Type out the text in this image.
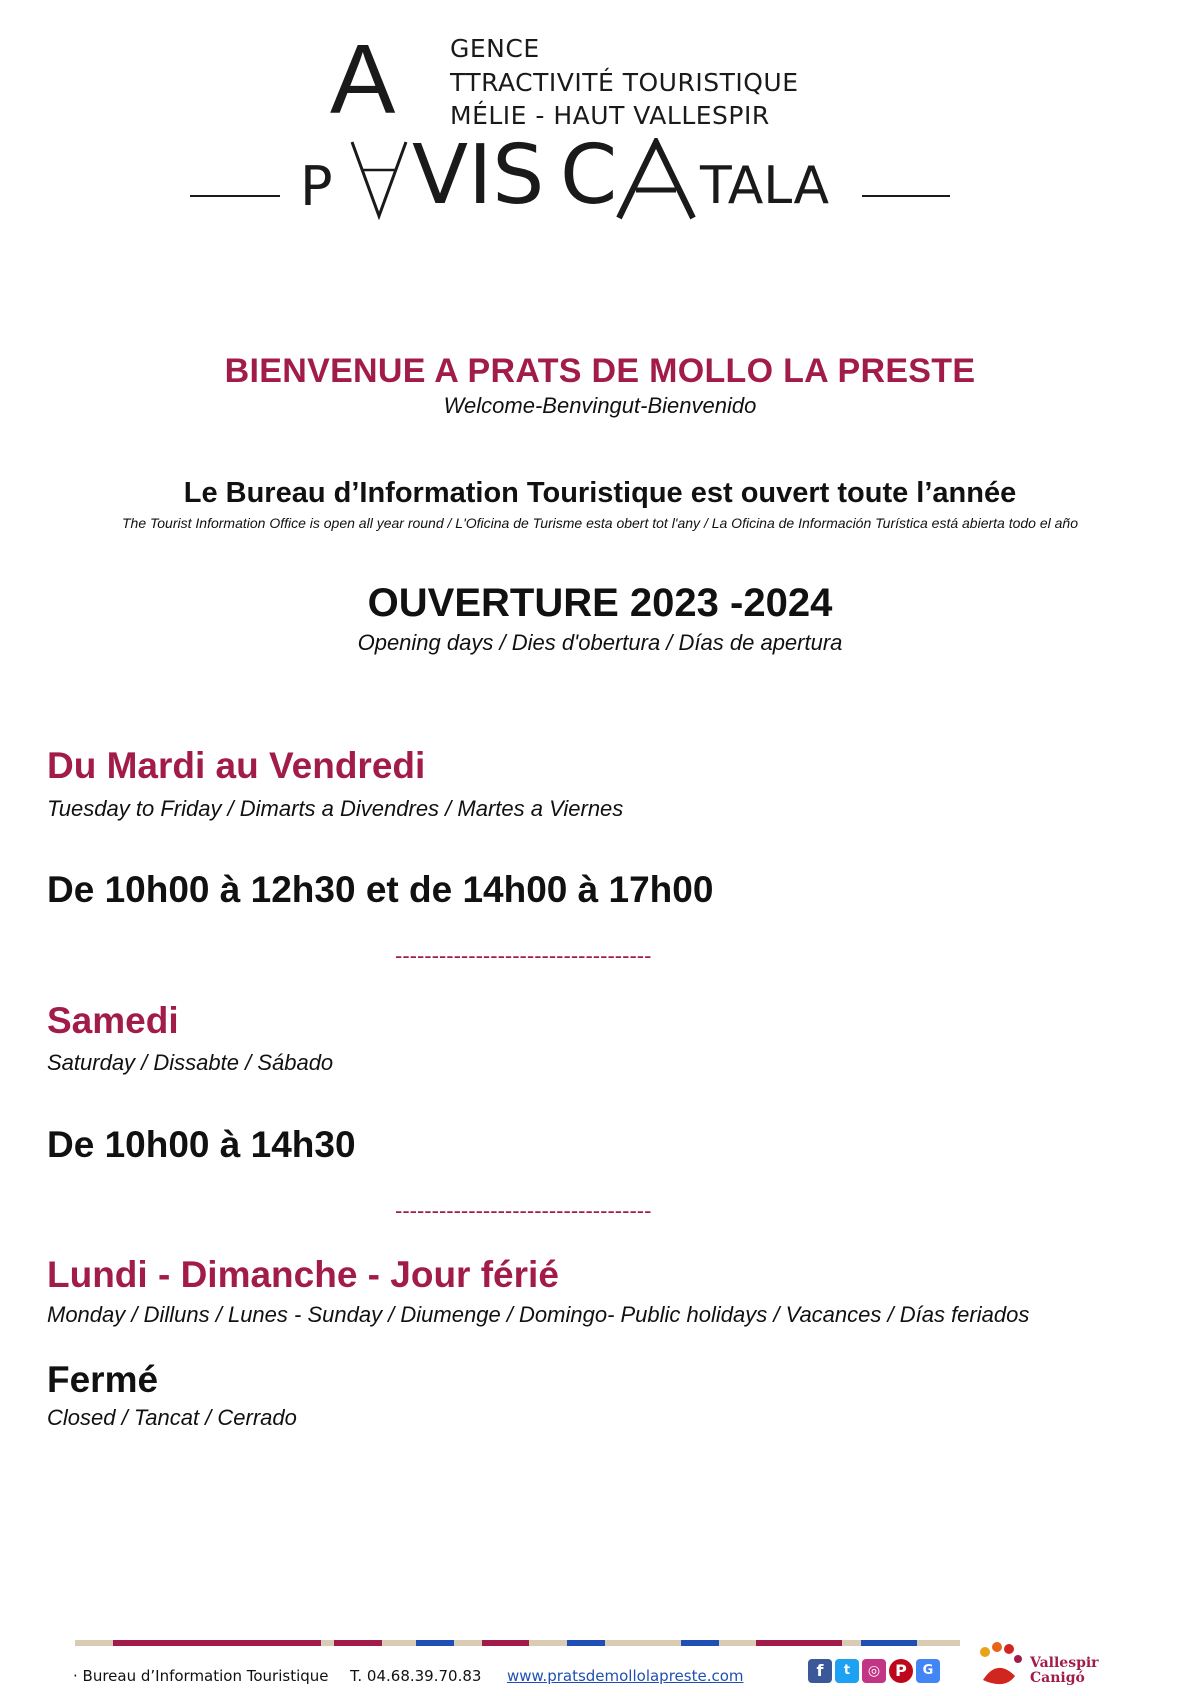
A GENCE
TTRACTIVITÉ TOURISTIQUE
MÉLIE - HAUT VALLESPIR
P VIS C TALA
BIENVENUE A PRATS DE MOLLO LA PRESTE
Welcome-Benvingut-Bienvenido
Le Bureau d’Information Touristique est ouvert toute l’année
The Tourist Information Office is open all year round / L'Oficina de Turisme esta obert tot l'any / La Oficina de Información Turística está abierta todo el año
OUVERTURE 2023 -2024
Opening days / Dies d'obertura / Días de apertura
Du Mardi au Vendredi
Tuesday to Friday / Dimarts a Divendres / Martes a Viernes
De 10h00 à 12h30 et de 14h00 à 17h00
-----------------------------------
Samedi
Saturday / Dissabte / Sábado
De 10h00 à 14h30
-----------------------------------
Lundi - Dimanche - Jour férié
Monday / Dilluns / Lunes - Sunday / Diumenge / Domingo- Public holidays / Vacances / Días feriados
Fermé
Closed / Tancat / Cerrado
· Bureau d’Information Touristique T. 04.68.39.70.83 www.pratsdemollolapreste.com	f	t	◎ P	G	Vallespir
Canigó
